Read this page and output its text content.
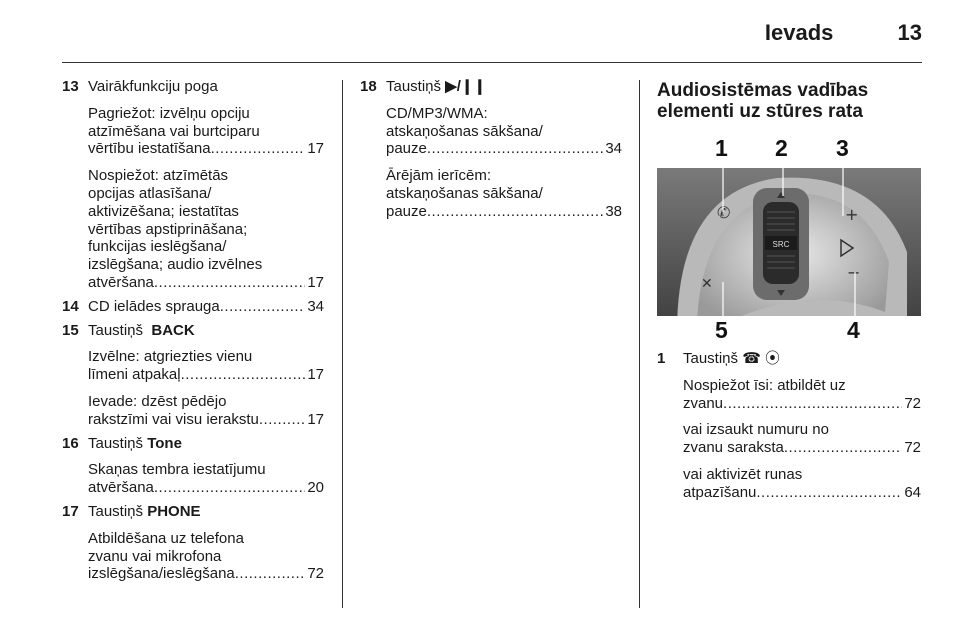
Ievads	13
13 Vairākfunkciju poga
Pagriežot: izvēlņu opciju
atzīmēšana vai burtciparu
vērtību iestatīšana .....	17
Nospiežot: atzīmētās
opcijas atlasīšana/
aktivizēšana; iestatītas
vērtības apstiprināšana;
funkcijas ieslēgšana/
izslēgšana; audio izvēlnes
atvēršana .....	17
14 CD ielādes sprauga .....	34
15 Taustiņš BACK
Izvēlne: atgriezties vienu
līmeni atpakaļ .....	17
Ievade: dzēst pēdējo
rakstzīmi vai visu ierakstu .....	17
16 Taustiņš Tone
Skaņas tembra iestatījumu
atvēršana .....	20
17 Taustiņš PHONE
Atbildēšana uz telefona
zvanu vai mikrofona
izslēgšana/ieslēgšana .....	72
18 Taustiņš ▶/❙❙
CD/MP3/WMA:
atskaņošanas sākšana/
pauze .....	34
Ārējām ierīcēm:
atskaņošanas sākšana/
pauze .....	38
Audiosistēmas vadības
elementi uz stūres rata
SRC
✆
✕
+
−
1 2 3
5	4
1 Taustiņš ☎ ⦿
Nospiežot īsi: atbildēt uz
zvanu .....	72
vai izsaukt numuru no
zvanu saraksta .....	72
vai aktivizēt runas
atpazīšanu .....	64
